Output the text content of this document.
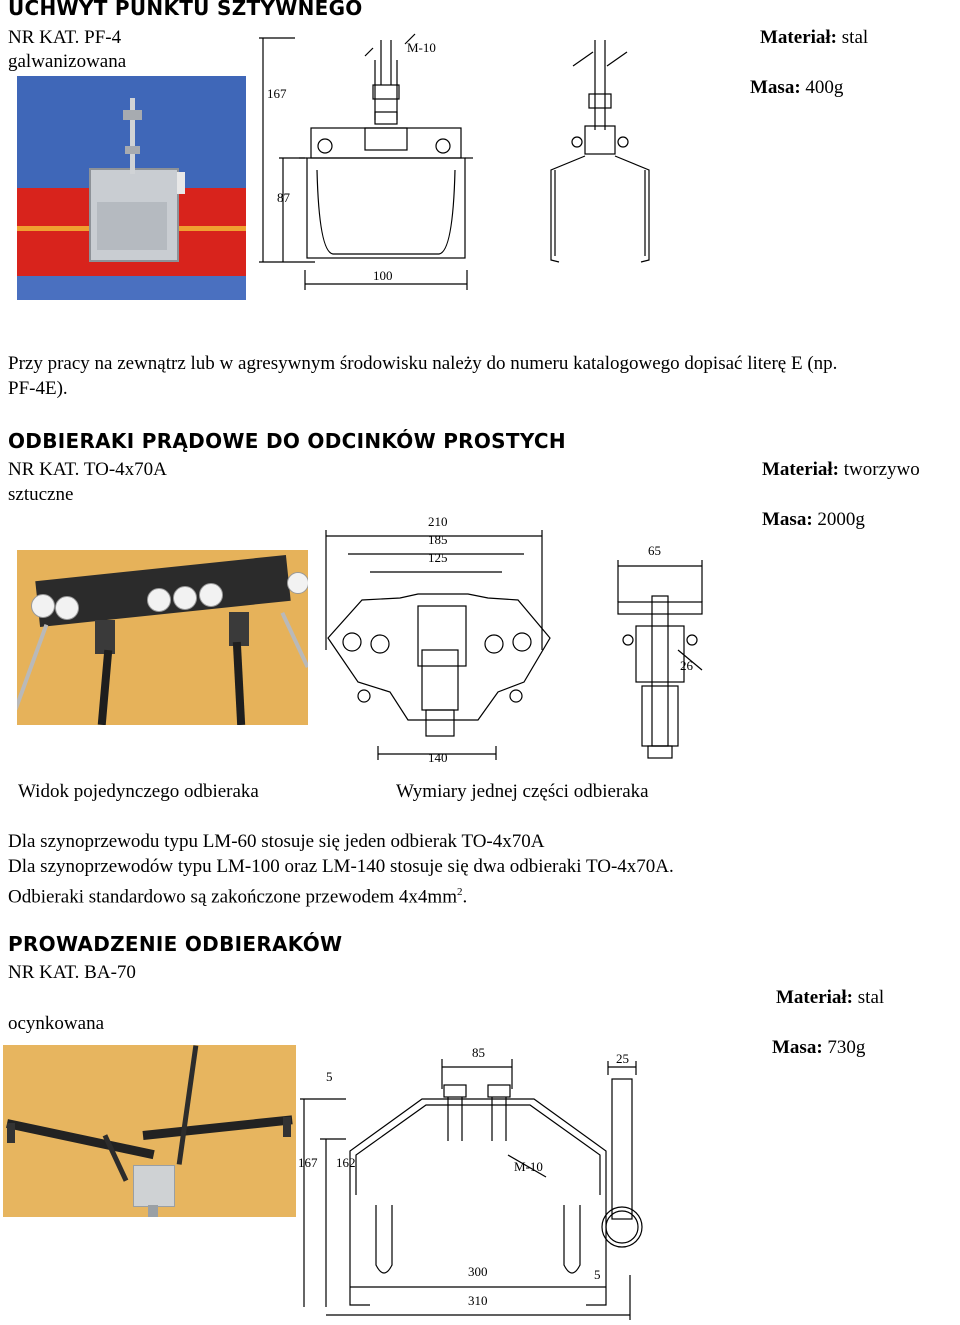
UCHWYT PUNKTU SZTYWNEGO
NR KAT. PF-4
galwanizowana
Materiał: stal
Masa: 400g
167
87
100
M-10
Przy pracy na zewnątrz lub w agresywnym środowisku należy do numeru katalogowego dopisać literę E (np.
PF-4E).
ODBIERAKI PRĄDOWE DO ODCINKÓW PROSTYCH
NR KAT. TO-4x70A
sztuczne
Materiał: tworzywo
Masa: 2000g
210
185
125	65
26
140
Widok pojedynczego odbieraka	Wymiary jednej części odbieraka
Dla szynoprzewodu typu LM-60 stosuje się jeden odbierak TO-4x70A
Dla szynoprzewodów typu LM-100 oraz LM-140 stosuje się dwa odbieraki TO-4x70A.
Odbieraki standardowo są zakończone przewodem $4x4mm^2$.
PROWADZENIE ODBIERAKÓW
NR KAT. BA-70
ocynkowana
Materiał: stal
Masa: 730g
85	25
5
167 162	M-10
300	5
310
